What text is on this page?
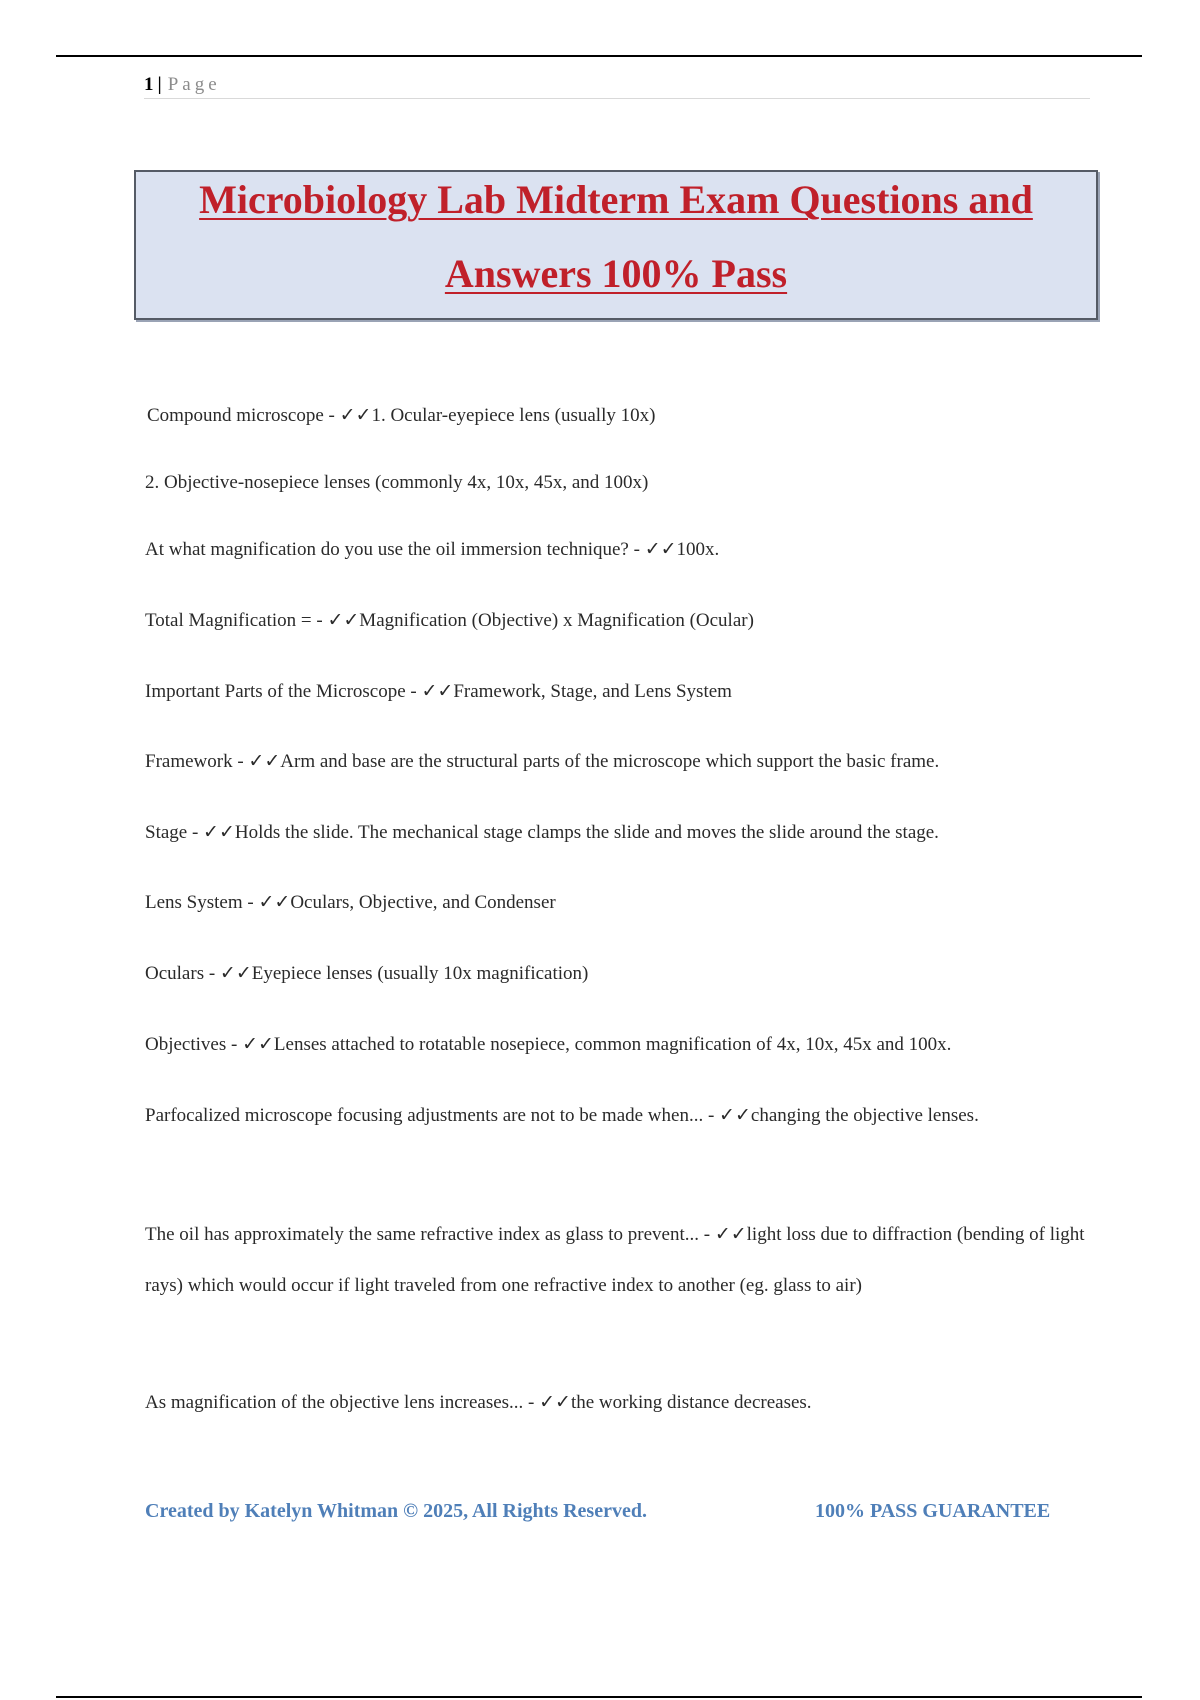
1 | Page
Microbiology Lab Midterm Exam Questions and
Answers 100% Pass

Compound microscope - ✓✓1. Ocular-eyepiece lens (usually 10x)

2. Objective-nosepiece lenses (commonly 4x, 10x, 45x, and 100x)

At what magnification do you use the oil immersion technique? - ✓✓100x.

Total Magnification = - ✓✓Magnification (Objective) x Magnification (Ocular)

Important Parts of the Microscope - ✓✓Framework, Stage, and Lens System

Framework - ✓✓Arm and base are the structural parts of the microscope which support the basic frame.

Stage - ✓✓Holds the slide. The mechanical stage clamps the slide and moves the slide around the stage.

Lens System - ✓✓Oculars, Objective, and Condenser

Oculars - ✓✓Eyepiece lenses (usually 10x magnification)

Objectives - ✓✓Lenses attached to rotatable nosepiece, common magnification of 4x, 10x, 45x and 100x.

Parfocalized microscope focusing adjustments are not to be made when... - ✓✓changing the objective lenses.

The oil has approximately the same refractive index as glass to prevent... - ✓✓light loss due to diffraction (bending of light rays) which would occur if light traveled from one refractive index to another (eg. glass to air)

As magnification of the objective lens increases... - ✓✓the working distance decreases.

Created by Katelyn Whitman © 2025, All Rights Reserved.	100% PASS GUARANTEE
